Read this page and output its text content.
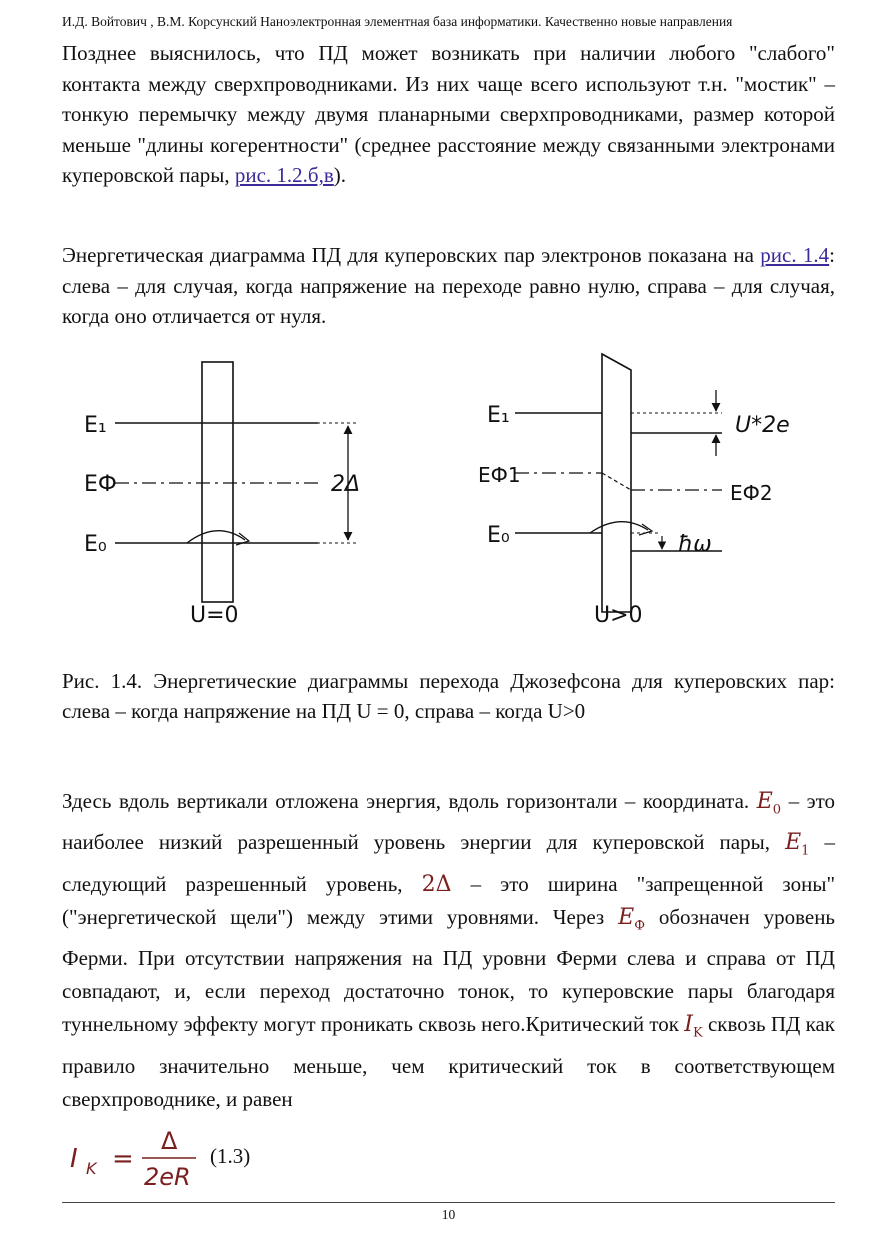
И.Д. Войтович , В.М. Корсунский Наноэлектронная элементная база информатики. Качественно новые направления

Позднее выяснилось, что ПД может возникать при наличии любого "слабого" контакта между сверхпроводниками. Из них чаще всего используют т.н. "мостик" – тонкую перемычку между двумя планарными сверхпроводниками, размер которой меньше "длины когерентности" (среднее расстояние между связанными электронами куперовской пары, рис. 1.2.б,в).

Энергетическая диаграмма ПД для куперовских пар электронов показана на рис. 1.4: слева – для случая, когда напряжение на переходе равно нулю, справа – для случая, когда оно отличается от нуля.

E₁
EФ
E₀
2Δ
U=0
E₁
EФ1
EФ2
E₀
U*2e
ħω
U>0

Рис. 1.4. Энергетические диаграммы перехода Джозефсона для куперовских пар: слева – когда напряжение на ПД U = 0, справа – когда U>0

Здесь вдоль вертикали отложена энергия, вдоль горизонтали – координата. $E_0$ – это наиболее низкий разрешенный уровень энергии для куперовской пары, $E_1$ – следующий разрешенный уровень, 2Δ – это ширина "запрещенной зоны" ("энергетической щели") между этими уровнями. Через $E_Ф$ обозначен уровень Ферми. При отсутствии напряжения на ПД уровни Ферми слева и справа от ПД совпадают, и, если переход достаточно тонок, то куперовские пары благодаря туннельному эффекту могут проникать сквозь него.Критический ток $I_K$ сквозь ПД как правило значительно меньше, чем критический ток в соответствующем сверхпроводнике, и равен

I K =
Δ
2eR
(1.3)
10
